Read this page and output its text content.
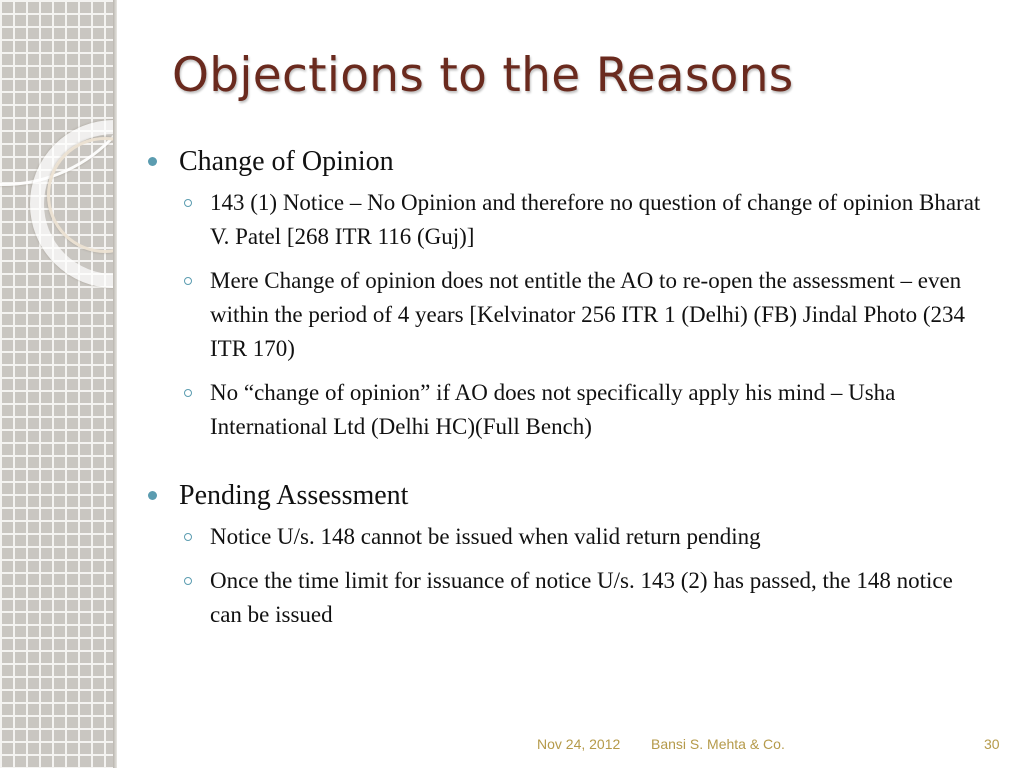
Objections to the Reasons
Change of Opinion
143 (1) Notice – No Opinion and therefore no question of change of opinion Bharat V. Patel [268 ITR 116 (Guj)]
Mere Change of opinion does not entitle the AO to re-open the assessment – even within the period of 4 years [Kelvinator 256 ITR 1 (Delhi) (FB) Jindal Photo (234 ITR 170)
No “change of opinion” if AO does not specifically apply his mind – Usha International Ltd (Delhi HC)(Full Bench)
Pending Assessment
Notice U/s. 148 cannot be issued when valid return pending
Once the time limit for issuance of notice U/s. 143 (2) has passed, the 148 notice can be issued
Nov 24, 2012 Bansi S. Mehta & Co.	30
